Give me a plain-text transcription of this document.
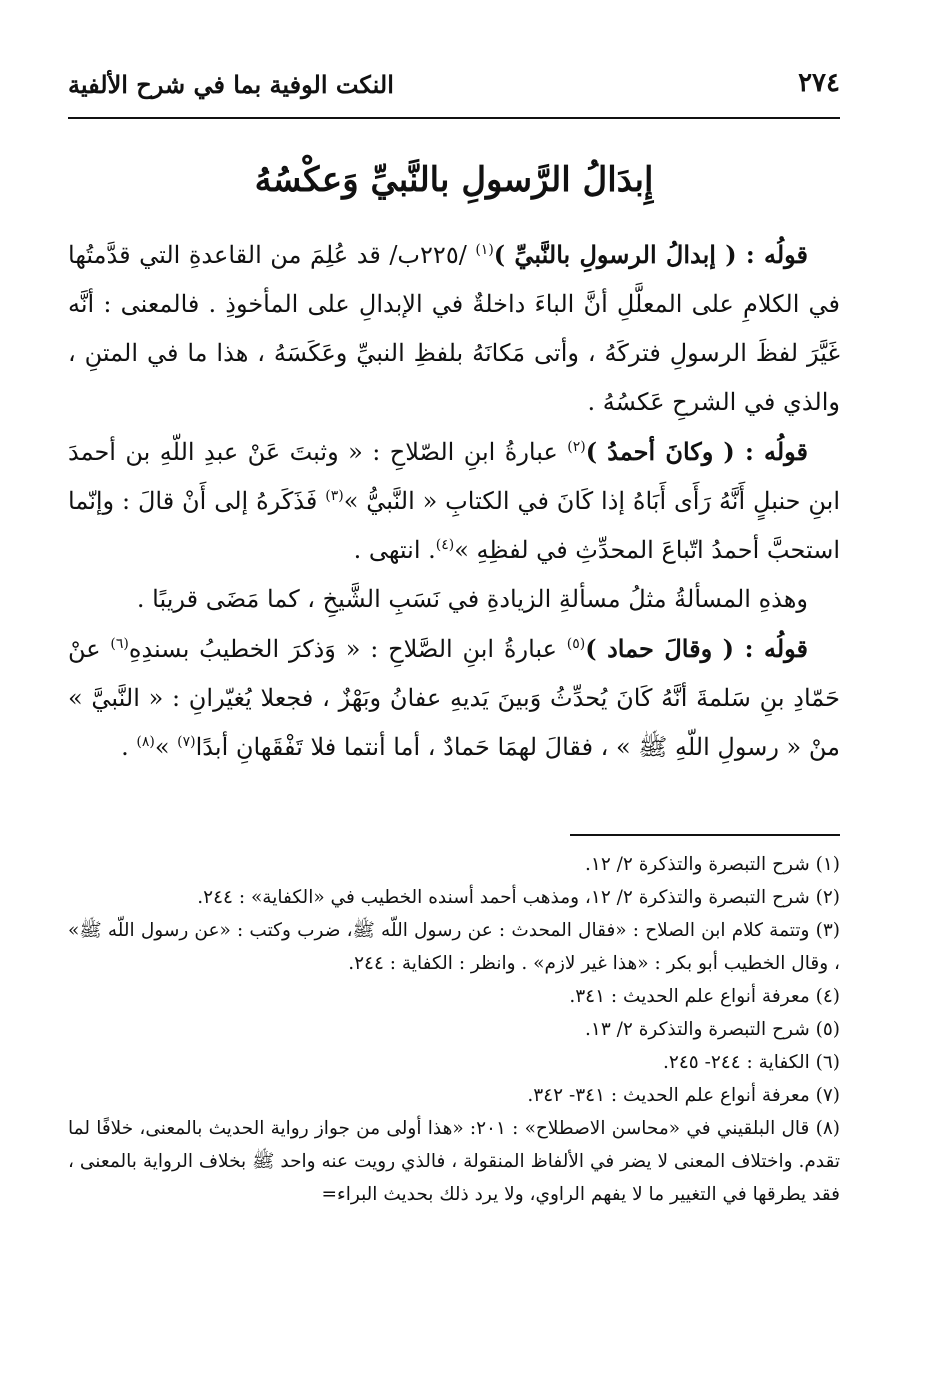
٢٧٤
النكت الوفية بما في شرح الألفية
إِبدَالُ الرَّسولِ بالنَّبيِّ وَعكْسُهُ

قولُه : ( إبدالُ الرسولِ بالنَّبيِّ )$^{(١)}$ /٢٢٥ب/ قد عُلِمَ من القاعدةِ التي قدَّمتُها في الكلامِ على المعلَّلِ أنَّ الباءَ داخلةٌ في الإبدالِ على المأخوذِ . فالمعنى : أنَّه غَيَّرَ لفظَ الرسولِ فتركَهُ ، وأتى مَكانَهُ بلفظِ النبيِّ وعَكَسَهُ ، هذا ما في المتنِ ، والذي في الشرحِ عَكسُهُ .

قولُه : ( وكانَ أحمدُ )$^{(٢)}$ عبارةُ ابنِ الصّلاحِ : « وثبتَ عَنْ عبدِ اللّهِ بن أحمدَ ابنِ حنبلٍ أَنَّهُ رَأَى أَبَاهُ إذا كَانَ في الكتابِ « النَّبيُّ »$^{(٣)}$ فَذَكَرهُ إلى أَنْ قالَ : وإنّما استحبَّ أحمدُ اتّباعَ المحدِّثِ في لفظِهِ »$^{(٤)}$. انتهى .

وهذهِ المسألةُ مثلُ مسألةِ الزيادةِ في نَسَبِ الشَّيخِ ، كما مَضَى قريبًا .

قولُه : ( وقالَ حماد )$^{(٥)}$ عبارةُ ابنِ الصَّلاحِ : « وَذكرَ الخطيبُ بسندِهِ$^{(٦)}$ عنْ حَمّادِ بنِ سَلمةَ أنَّهُ كَانَ يُحدِّثُ وَبينَ يَديهِ عفانُ وبَهْزٌ ، فجعلا يُغيّرانِ : « النَّبيَّ » منْ « رسولِ اللّهِ ﷺ » ، فقالَ لهمَا حَمادٌ ، أما أنتما فلا تَفْقَهانِ أبدًا$^{(٧)}$ »$^{(٨)}$ .

(١) شرح التبصرة والتذكرة ٢/ ١٢.

(٢) شرح التبصرة والتذكرة ٢/ ١٢، ومذهب أحمد أسنده الخطيب في «الكفاية» : ٢٤٤.

(٣) وتتمة كلام ابن الصلاح : «فقال المحدث : عن رسول اللّه ﷺ، ضرب وكتب : «عن رسول اللّه ﷺ» ، وقال الخطيب أبو بكر : «هذا غير لازم» . وانظر : الكفاية : ٢٤٤.

(٤) معرفة أنواع علم الحديث : ٣٤١.

(٥) شرح التبصرة والتذكرة ٢/ ١٣.

(٦) الكفاية : ٢٤٤- ٢٤٥.

(٧) معرفة أنواع علم الحديث : ٣٤١- ٣٤٢.

(٨) قال البلقيني في «محاسن الاصطلاح» : ٢٠١: «هذا أولى من جواز رواية الحديث بالمعنى، خلافًا لما تقدم. واختلاف المعنى لا يضر في الألفاظ المنقولة ، فالذي رويت عنه واحد ﷺ بخلاف الرواية بالمعنى ، فقد يطرقها في التغيير ما لا يفهم الراوي، ولا يرد ذلك بحديث البراء=
